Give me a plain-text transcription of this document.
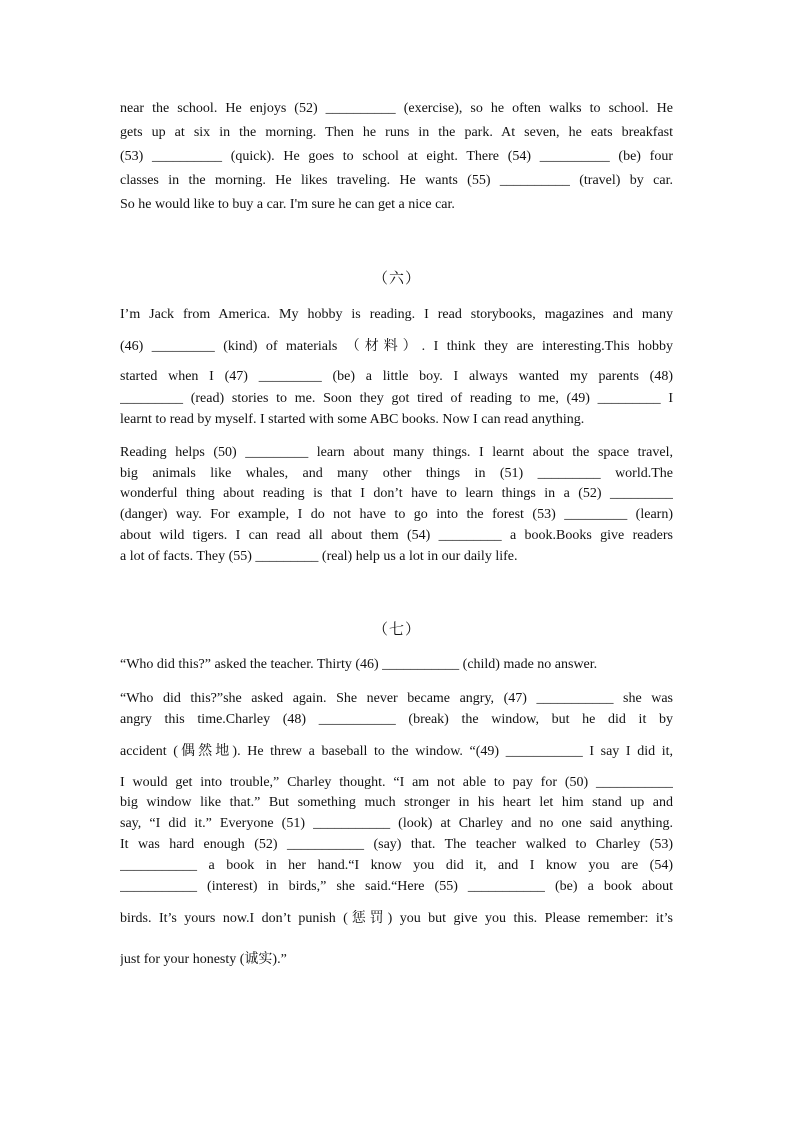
near the school. He enjoys (52) __________ (exercise), so he often walks to school. He
gets up at six in the morning. Then he runs in the park. At seven, he eats breakfast
(53) __________ (quick). He goes to school at eight. There (54) __________ (be) four
classes in the morning. He likes traveling. He wants (55) __________ (travel) by car.
So he would like to buy a car. I'm sure he can get a nice car.
（六）
I’m Jack from America. My hobby is reading. I read storybooks, magazines and many
(46) _________ (kind) of materials （材料）. I think they are interesting.This hobby
started when I (47) _________ (be) a little boy. I always wanted my parents (48)
_________ (read) stories to me. Soon they got tired of reading to me, (49) _________ I
learnt to read by myself. I started with some ABC books. Now I can read anything.
Reading helps (50) _________ learn about many things. I learnt about the space travel,
big animals like whales, and many other things in (51) _________ world.The
wonderful thing about reading is that I don’t have to learn things in a (52) _________
(danger) way. For example, I do not have to go into the forest (53) _________ (learn)
about wild tigers. I can read all about them (54) _________ a book.Books give readers
a lot of facts. They (55) _________ (real) help us a lot in our daily life.
（七）
“Who did this?” asked the teacher. Thirty (46) ___________ (child) made no answer.
“Who did this?”she asked again. She never became angry, (47) ___________ she was
angry this time.Charley (48) ___________ (break) the window, but he did it by
accident (偶然地). He threw a baseball to the window. “(49) ___________ I say I did it,
I would get into trouble,” Charley thought. “I am not able to pay for (50) ___________
big window like that.” But something much stronger in his heart let him stand up and
say, “I did it.” Everyone (51) ___________ (look) at Charley and no one said anything.
It was hard enough (52) ___________ (say) that. The teacher walked to Charley (53)
___________ a book in her hand.“I know you did it, and I know you are (54)
___________ (interest) in birds,” she said.“Here (55) ___________ (be) a book about
birds. It’s yours now.I don’t punish (惩罚) you but give you this. Please remember: it’s
just for your honesty (诚实).”
